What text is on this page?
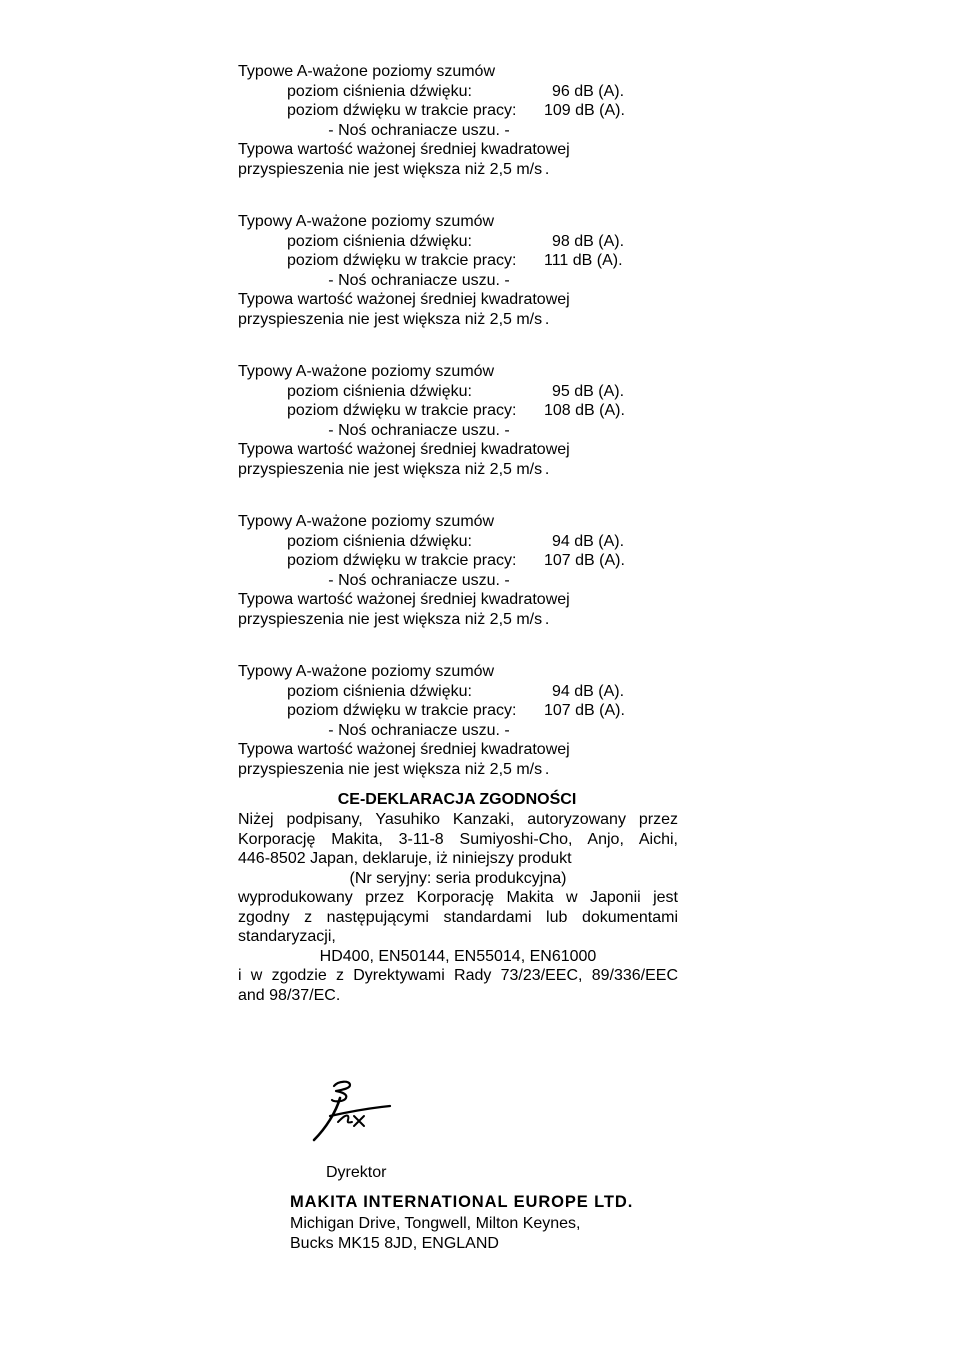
Typowe A-ważone poziomy szumów
poziom ciśnienia dźwięku:	96 dB (A).
poziom dźwięku w trakcie pracy: 109 dB (A).
- Noś ochraniacze uszu. -
Typowa wartość ważonej średniej kwadratowej
przyspieszenia nie jest większa niż 2,5 m/s .
Typowy A-ważone poziomy szumów
poziom ciśnienia dźwięku:	98 dB (A).
poziom dźwięku w trakcie pracy: 111 dB (A).
- Noś ochraniacze uszu. -
Typowa wartość ważonej średniej kwadratowej
przyspieszenia nie jest większa niż 2,5 m/s .
Typowy A-ważone poziomy szumów
poziom ciśnienia dźwięku:	95 dB (A).
poziom dźwięku w trakcie pracy: 108 dB (A).
- Noś ochraniacze uszu. -
Typowa wartość ważonej średniej kwadratowej
przyspieszenia nie jest większa niż 2,5 m/s .
Typowy A-ważone poziomy szumów
poziom ciśnienia dźwięku:	94 dB (A).
poziom dźwięku w trakcie pracy: 107 dB (A).
- Noś ochraniacze uszu. -
Typowa wartość ważonej średniej kwadratowej
przyspieszenia nie jest większa niż 2,5 m/s .
Typowy A-ważone poziomy szumów
poziom ciśnienia dźwięku:	94 dB (A).
poziom dźwięku w trakcie pracy: 107 dB (A).
- Noś ochraniacze uszu. -
Typowa wartość ważonej średniej kwadratowej
przyspieszenia nie jest większa niż 2,5 m/s .
CE-DEKLARACJA ZGODNOŚCI
Niżej podpisany, Yasuhiko Kanzaki, autoryzowany przez
Korporację Makita, 3-11-8 Sumiyoshi-Cho, Anjo, Aichi,
446-8502 Japan, deklaruje, iż niniejszy produkt
(Nr seryjny: seria produkcyjna)
wyprodukowany przez Korporację Makita w Japonii jest
zgodny z następującymi standardami lub dokumentami
standaryzacji,
HD400, EN50144, EN55014, EN61000
i w zgodzie z Dyrektywami Rady 73/23/EEC, 89/336/EEC
and 98/37/EC.
Dyrektor
MAKITA INTERNATIONAL EUROPE LTD.
Michigan Drive, Tongwell, Milton Keynes,
Bucks MK15 8JD, ENGLAND
